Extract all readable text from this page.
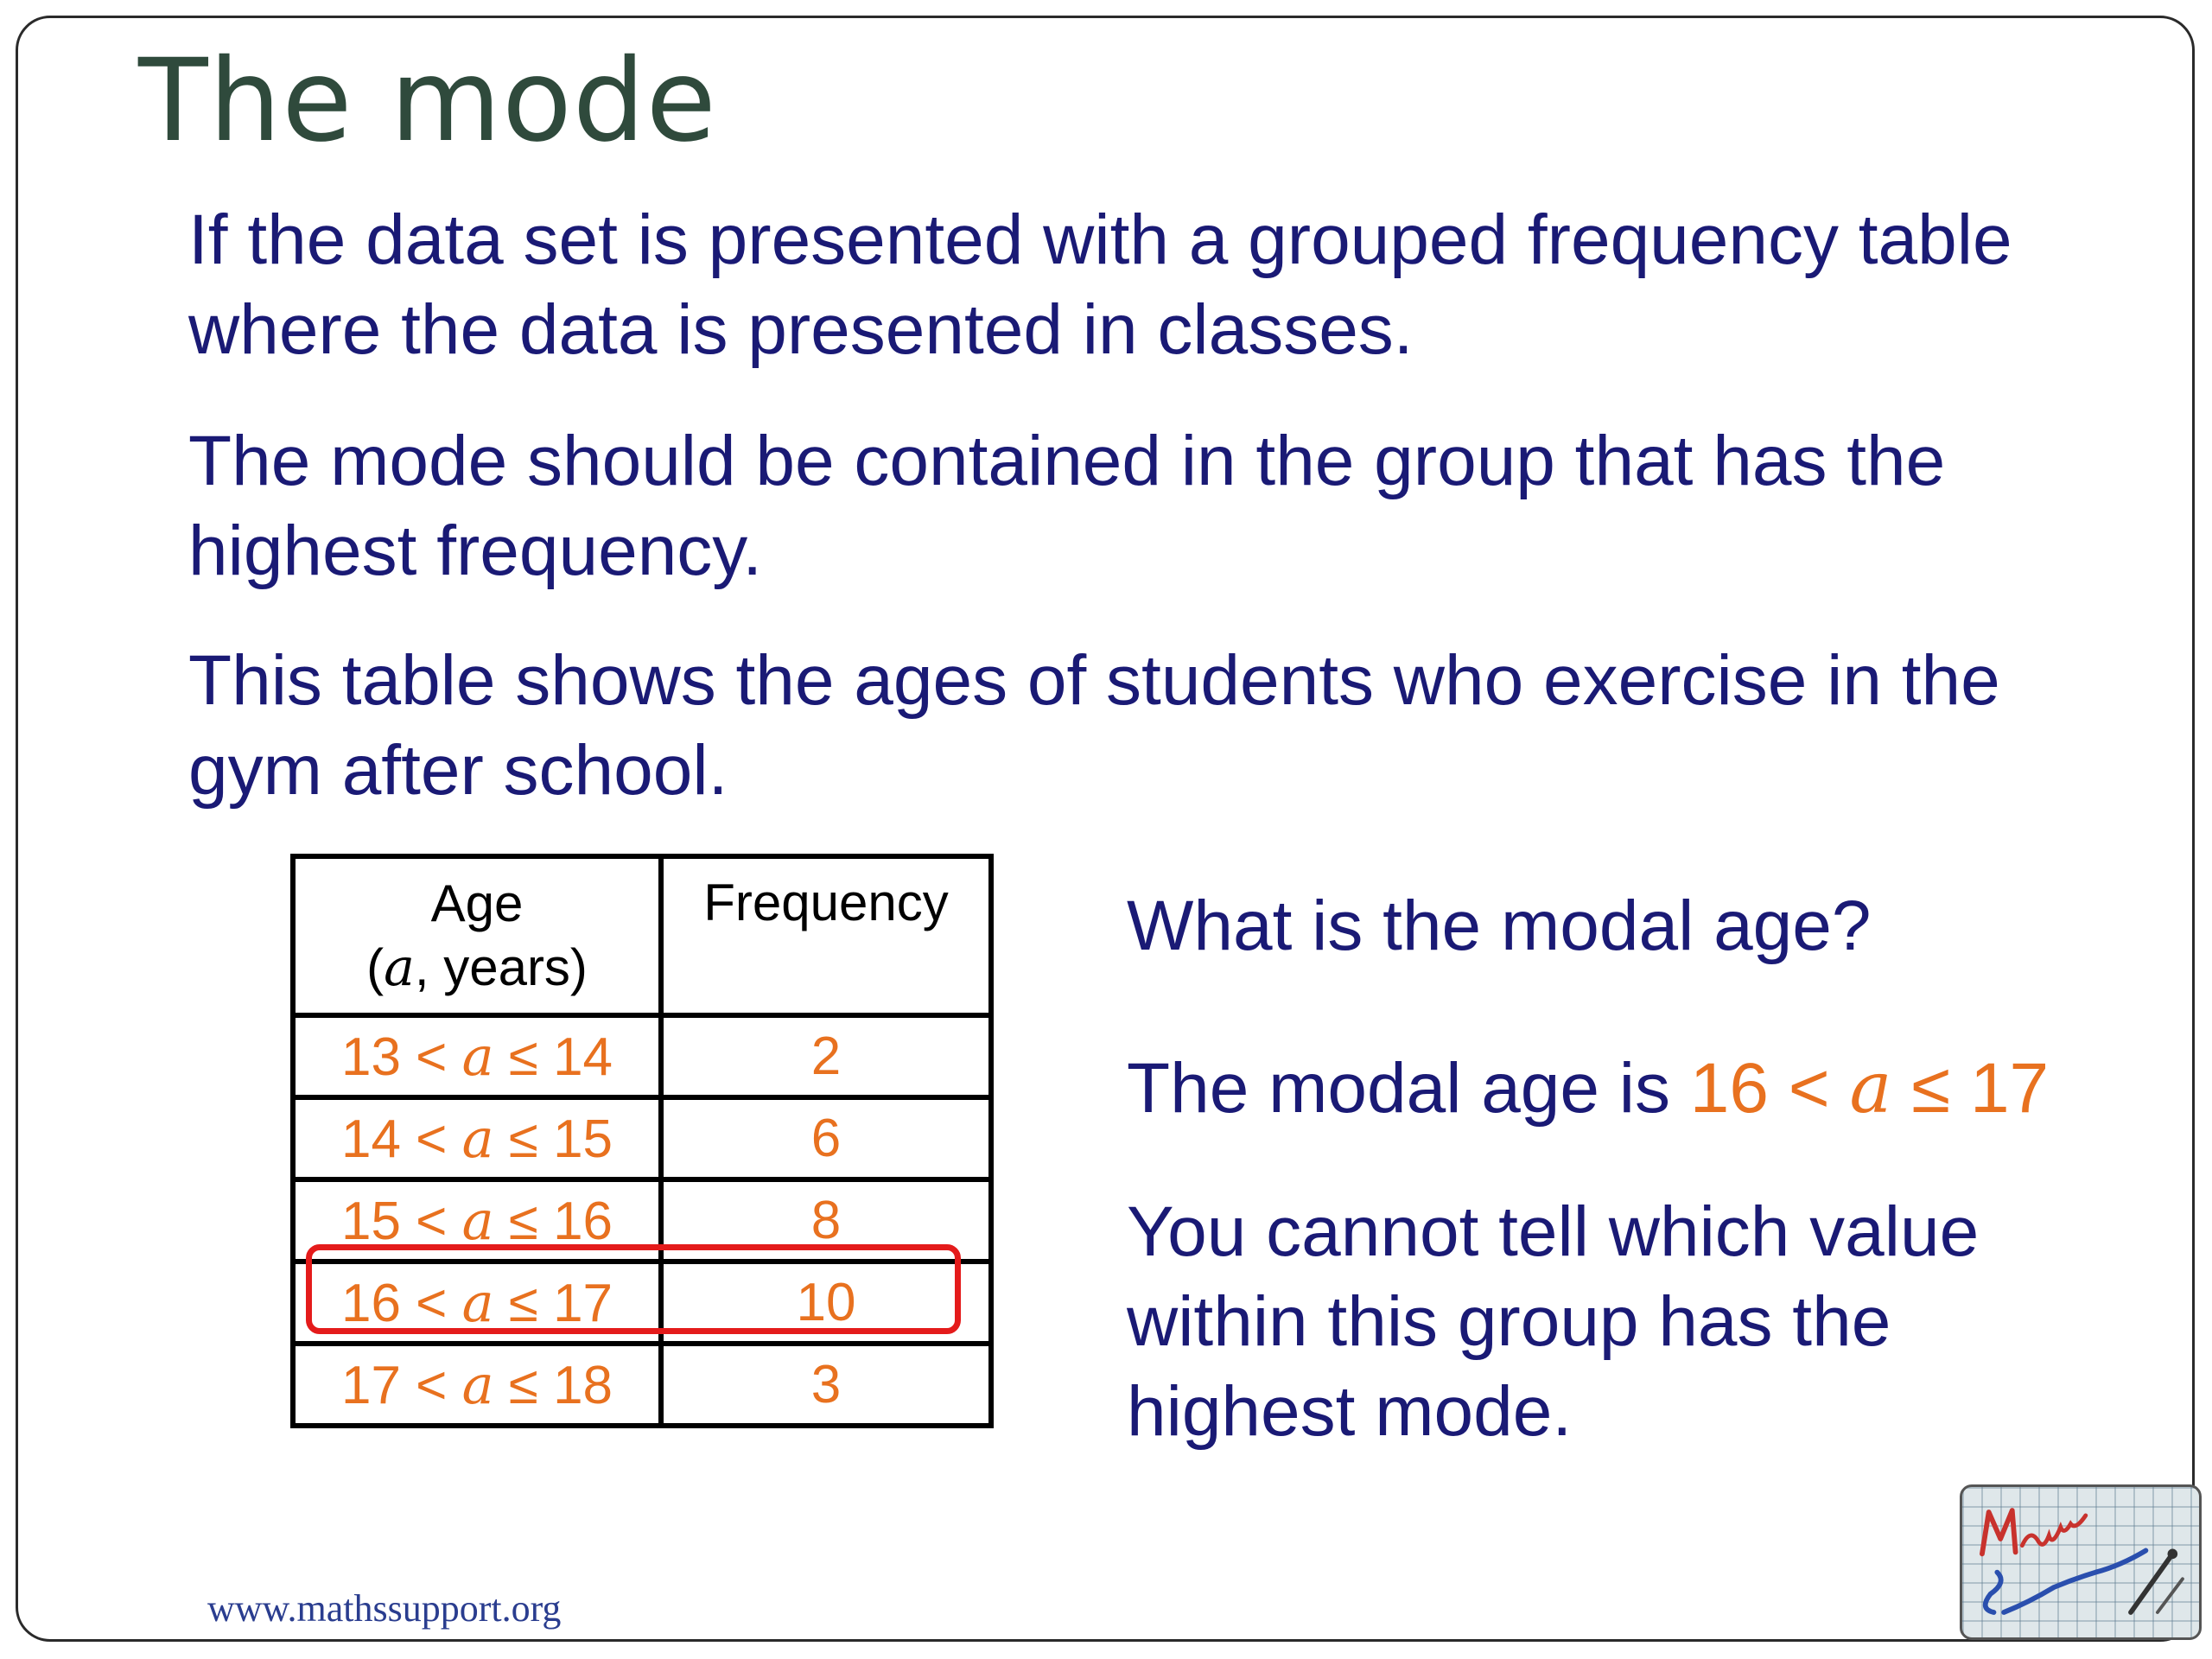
The mode

If the data set is presented with a grouped frequency table where the data is presented in classes.

The mode should be contained in the group that has the highest frequency.

This table shows the ages of students who exercise in the gym after school.

Age
(a, years)	Frequency
13 < a ≤ 14	2
14 < a ≤ 15	6
15 < a ≤ 16	8
16 < a ≤ 17	10
17 < a ≤ 18	3

What is the modal age?

The modal age is 16 < a ≤ 17

You cannot tell which value within this group has the highest mode.

www.mathssupport.org
